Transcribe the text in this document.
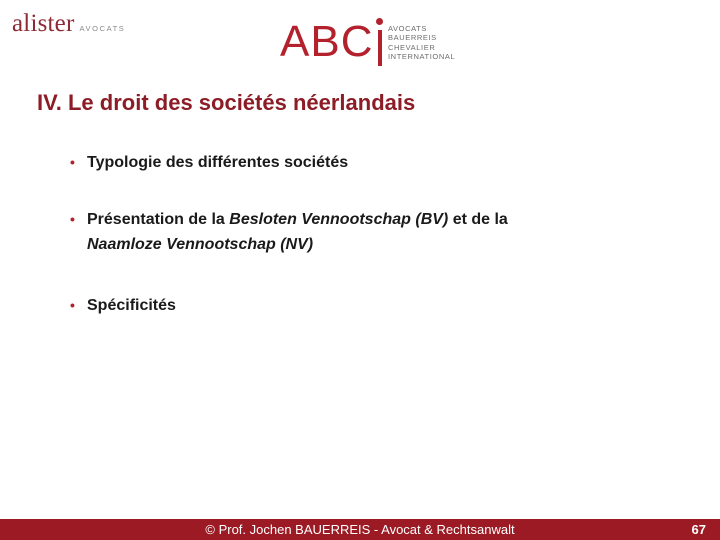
alister AVOCATS	ABC AVOCATS
BAUERREIS
CHEVALIER
INTERNATIONAL
IV. Le droit des sociétés néerlandais
• Typologie des différentes sociétés
• Présentation de la Besloten Vennootschap (BV) et de la
Naamloze Vennootschap (NV)
• Spécificités
© Prof. Jochen BAUERREIS - Avocat & Rechtsanwalt	67
